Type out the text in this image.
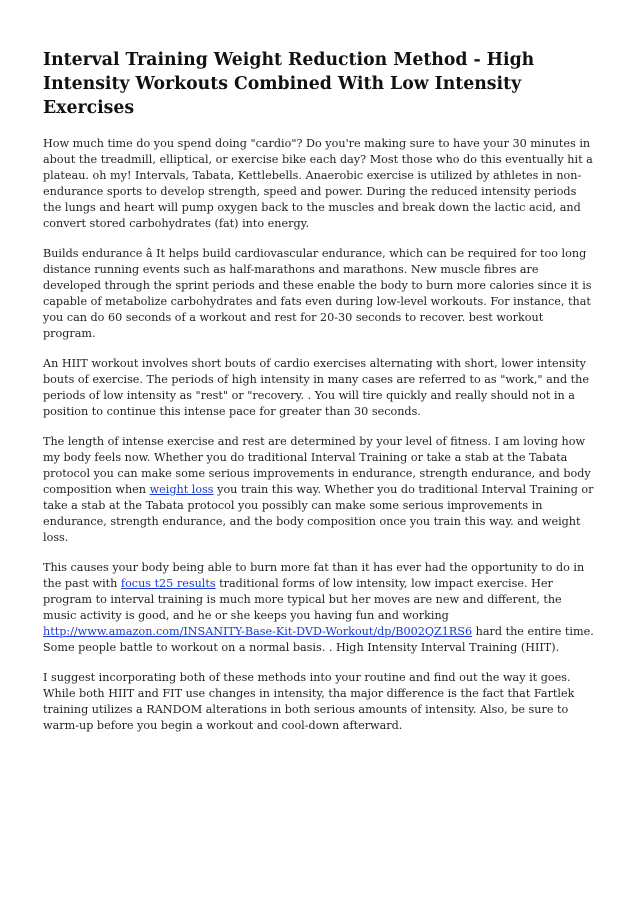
Interval Training Weight Reduction Method - High Intensity Workouts Combined With Low Intensity Exercises

How much time do you spend doing "cardio"? Do you're making sure to have your 30 minutes in about the treadmill, elliptical, or exercise bike each day? Most those who do this eventually hit a plateau. oh my! Intervals, Tabata, Kettlebells. Anaerobic exercise is utilized by athletes in non-endurance sports to develop strength, speed and power. During the reduced intensity periods the lungs and heart will pump oxygen back to the muscles and break down the lactic acid, and convert stored carbohydrates (fat) into energy.

Builds endurance â It helps build cardiovascular endurance, which can be required for too long distance running events such as half-marathons and marathons. New muscle fibres are developed through the sprint periods and these enable the body to burn more calories since it is capable of metabolize carbohydrates and fats even during low-level workouts. For instance, that you can do 60 seconds of a workout and rest for 20-30 seconds to recover. best workout program.

An HIIT workout involves short bouts of cardio exercises alternating with short, lower intensity bouts of exercise. The periods of high intensity in many cases are referred to as "work," and the periods of low intensity as "rest" or "recovery. . You will tire quickly and really should not in a position to continue this intense pace for greater than 30 seconds.

The length of intense exercise and rest are determined by your level of fitness. I am loving how my body feels now. Whether you do traditional Interval Training or take a stab at the Tabata protocol you can make some serious improvements in endurance, strength endurance, and body composition when weight loss you train this way. Whether you do traditional Interval Training or take a stab at the Tabata protocol you possibly can make some serious improvements in endurance, strength endurance, and the body composition once you train this way. and weight loss.

This causes your body being able to burn more fat than it has ever had the opportunity to do in the past with focus t25 results traditional forms of low intensity, low impact exercise. Her program to interval training is much more typical but her moves are new and different, the music activity is good, and he or she keeps you having fun and working http://www.amazon.com/INSANITY-Base-Kit-DVD-Workout/dp/B002QZ1RS6 hard the entire time. Some people battle to workout on a normal basis. . High Intensity Interval Training (HIIT).

I suggest incorporating both of these methods into your routine and find out the way it goes. While both HIIT and FIT use changes in intensity, tha major difference is the fact that Fartlek training utilizes a RANDOM alterations in both serious amounts of intensity. Also, be sure to warm-up before you begin a workout and cool-down afterward.
